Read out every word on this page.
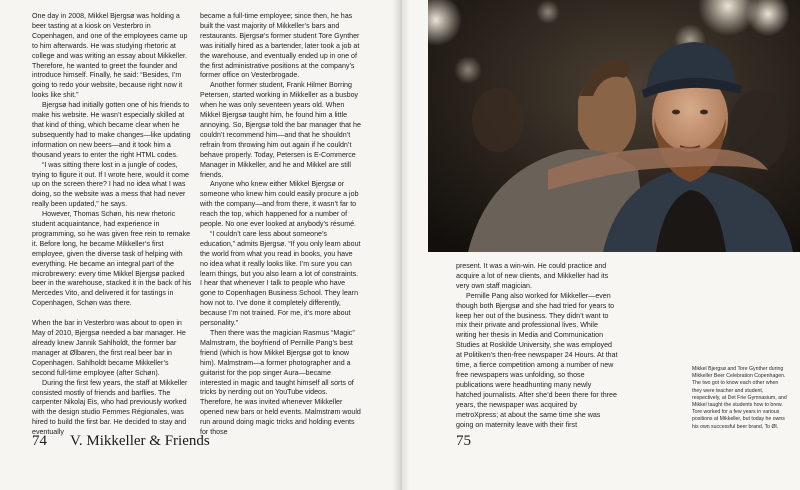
One day in 2008, Mikkel Bjergsø was holding a beer tasting at a kiosk on Vesterbro in Copenhagen, and one of the employees came up to him afterwards. He was studying rhetoric at college and was writing an essay about Mikkeller. Therefore, he wanted to greet the founder and introduce himself. Finally, he said: “Besides, I’m going to redo your website, because right now it looks like shit.”

Bjergsø had initially gotten one of his friends to make his website. He wasn’t especially skilled at that kind of thing, which became clear when he subsequently had to make changes—like updating information on new beers—and it took him a thousand years to enter the right HTML codes.

“I was sitting there lost in a jungle of codes, trying to figure it out. If I wrote here, would it come up on the screen there? I had no idea what I was doing, so the website was a mess that had never really been updated,” he says.

However, Thomas Schøn, his new rhetoric student acquaintance, had experience in programming, so he was given free rein to remake it. Before long, he became Mikkeller’s first employee, given the diverse task of helping with everything. He became an integral part of the microbrewery: every time Mikkel Bjergsø packed beer in the warehouse, stacked it in the back of his Mercedes Vito, and delivered it for tastings in Copenhagen, Schøn was there.

When the bar in Vesterbro was about to open in May of 2010, Bjergsø needed a bar manager. He already knew Jannik Sahlholdt, the former bar manager at Ølbaren, the first real beer bar in Copenhagen. Sahlholdt became Mikkeller’s second full-time employee (after Schøn).

During the first few years, the staff at Mikkeller consisted mostly of friends and barflies. The carpenter Nikolaj Eis, who had previously worked with the design studio Femmes Régionales, was hired to build the first bar. He decided to stay and eventually

became a full-time employee; since then, he has built the vast majority of Mikkeller’s bars and restaurants. Bjergsø’s former student Tore Gynther was initially hired as a bartender, later took a job at the warehouse, and eventually ended up in one of the first administrative positions at the company’s former office on Vesterbrogade.

Another former student, Frank Hilmer Borring Petersen, started working in Mikkeller as a busboy when he was only seventeen years old. When Mikkel Bjergsø taught him, he found him a little annoying. So, Bjergsø told the bar manager that he couldn’t recommend him—and that he shouldn’t refrain from throwing him out again if he couldn’t behave properly. Today, Petersen is E-Commerce Manager in Mikkeller, and he and Mikkel are still friends.

Anyone who knew either Mikkel Bjergsø or someone who knew him could easily procure a job with the company—and from there, it wasn’t far to reach the top, which happened for a number of people. No one ever looked at anybody’s résumé.

“I couldn’t care less about someone’s education,” admits Bjergsø. “If you only learn about the world from what you read in books, you have no idea what it really looks like. I’m sure you can learn things, but you also learn a lot of constraints. I hear that whenever I talk to people who have gone to Copenhagen Business School. They learn how not to. I’ve done it completely differently, because I’m not trained. For me, it’s more about personality.”

Then there was the magician Rasmus “Magic” Malmstrøm, the boyfriend of Pernille Pang’s best friend (which is how Mikkel Bjergsø got to know him). Malmstrøm—a former photographer and a guitarist for the pop singer Aura—became interested in magic and taught himself all sorts of tricks by nerding out on YouTube videos. Therefore, he was invited whenever Mikkeller opened new bars or held events. Malmstrøm would run around doing magic tricks and holding events for those

74 V. Mikkeller & Friends

present. It was a win-win. He could practice and acquire a lot of new clients, and Mikkeller had its very own staff magician.

Pernille Pang also worked for Mikkeller—even though both Bjergsø and she had tried for years to keep her out of the business. They didn’t want to mix their private and professional lives. While writing her thesis in Media and Communication Studies at Roskilde University, she was employed at Politiken’s then-free newspaper 24 Hours. At that time, a fierce competition among a number of new free newspapers was unfolding, so those publications were headhunting many newly hatched journalists. After she’d been there for three years, the newspaper was acquired by metroXpress; at about the same time she was going on maternity leave with their first

Mikkel Bjergsø and Tore Gynther during Mikkeller Beer Celebration Copenhagen. The two got to know each other when they were teacher and student, respectively, at Det Frie Gymnasium, and Mikkel taught the students how to brew. Tore worked for a few years in various positions at Mikkeller, but today he owns his own successful beer brand, To Øl.
75
